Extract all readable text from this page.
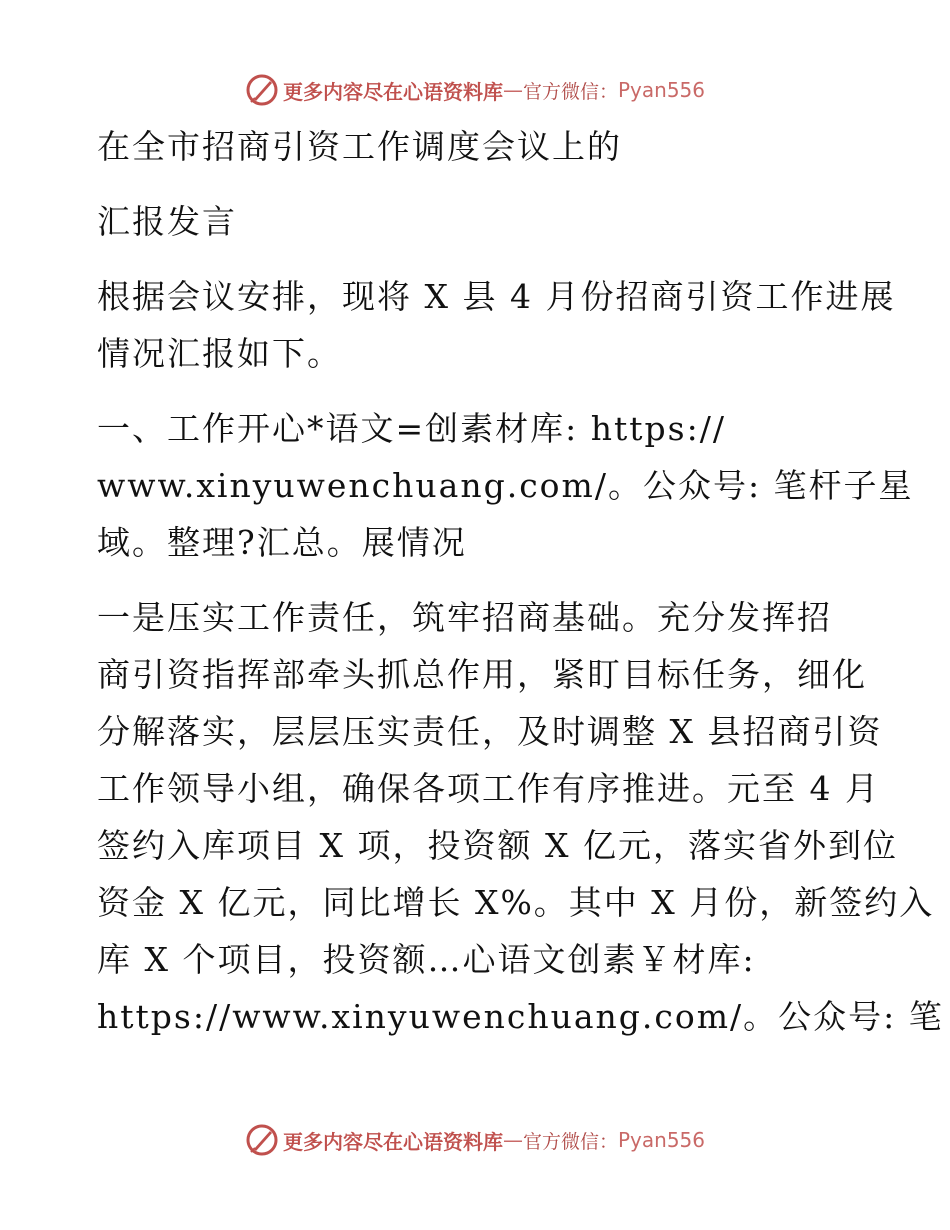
更多内容尽在心语资料库 — 官方微信： Pyan556
在全市招商引资工作调度会议上的
汇报发言
根据会议安排，现将 X 县 4 月份招商引资工作进展
情况汇报如下。
一、工作开心*语文=创素材库: https://
www.xinyuwenchuang.com/。公众号: 笔杆子星
域。整理?汇总。展情况
一是压实工作责任，筑牢招商基础。充分发挥招
商引资指挥部牵头抓总作用，紧盯目标任务，细化
分解落实，层层压实责任，及时调整 X 县招商引资
工作领导小组，确保各项工作有序推进。元至 4 月
签约入库项目 X 项，投资额 X 亿元，落实省外到位
资金 X 亿元，同比增长 X%。其中 X 月份，新签约入
库 X 个项目，投资额…心语文创素￥材库:
https://www.xinyuwenchuang.com/。公众号: 笔
更多内容尽在心语资料库 — 官方微信： Pyan556
